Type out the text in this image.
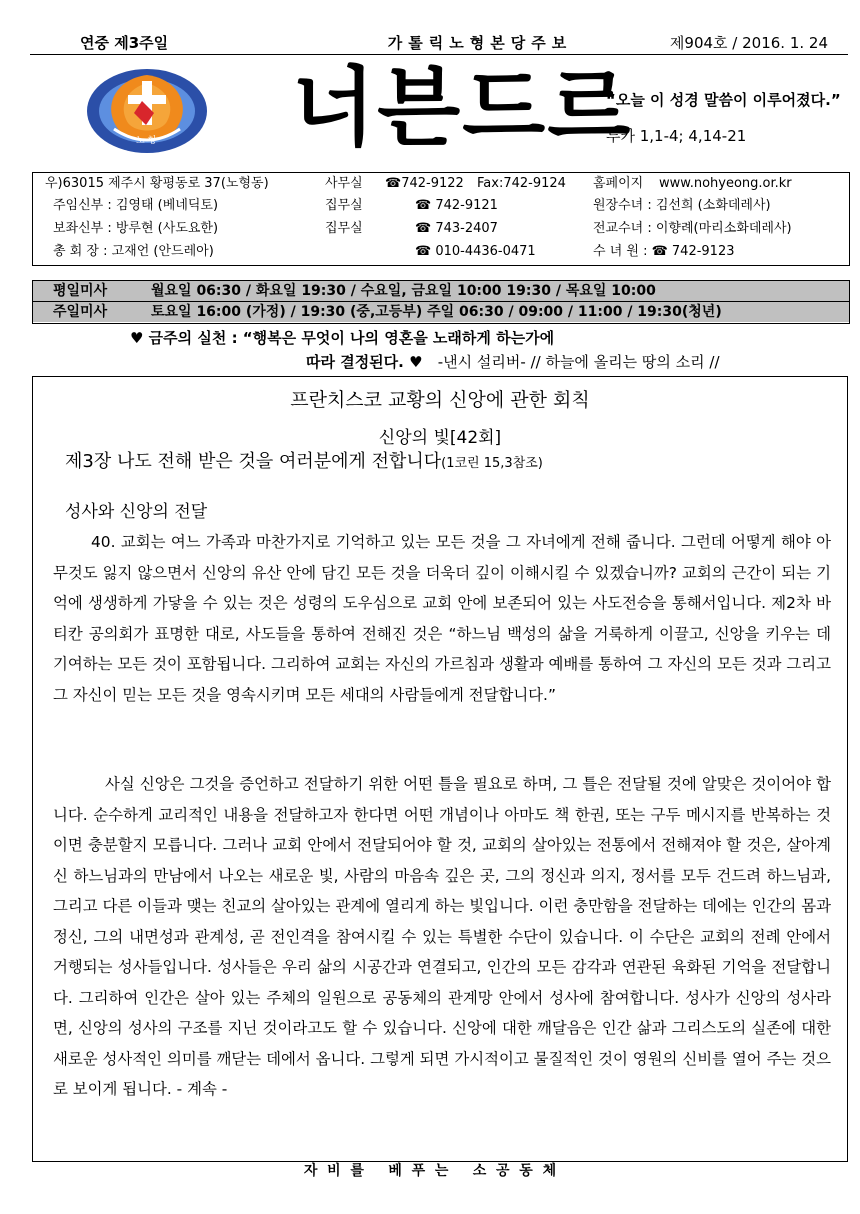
연중 제3주일	가톨릭노형본당주보	제904호 / 2016. 1. 24
노 형 너븐드르
“오늘 이 성경 말씀이 이루어졌다.” 루카 1,1-4; 4,14-21
우)63015 제주시 황평동로 37(노형동)	사무실 ☎742-9122 Fax:742-9124 홈페이지 www.nohyeong.or.kr
주임신부 : 김영태 (베네딕토)	집무실	☎ 742-9121	원장수녀 : 김선희 (소화데레사)
보좌신부 : 방루현 (사도요한)	집무실	☎ 743-2407	전교수녀 : 이향례(마리소화데레사)
총 회 장 : 고재언 (안드레아)	☎ 010-4436-0471	수 녀 원 : ☎ 742-9123
평일미사	월요일 06:30 / 화요일 19:30 / 수요일, 금요일 10:00 19:30 / 목요일 10:00
주일미사	토요일 16:00 (가정) / 19:30 (중,고등부) 주일 06:30 / 09:00 / 11:00 / 19:30(청년)
♥ 금주의 실천 : “행복은 무엇이 나의 영혼을 노래하게 하는가에
따라 결정된다. ♥ -낸시 설리버- // 하늘에 올리는 땅의 소리 //
프란치스코 교황의 신앙에 관한 회칙
신앙의 빛[42회]
제3장 나도 전해 받은 것을 여러분에게 전합니다(1코린 15,3참조)
성사와 신앙의 전달
40. 교회는 여느 가족과 마찬가지로 기억하고 있는 모든 것을 그 자녀에게 전해 줍니다. 그런데 어떻게 해야 아무것도 잃지 않으면서 신앙의 유산 안에 담긴 모든 것을 더욱더 깊이 이해시킬 수 있겠습니까? 교회의 근간이 되는 기억에 생생하게 가닿을 수 있는 것은 성령의 도우심으로 교회 안에 보존되어 있는 사도전승을 통해서입니다. 제2차 바티칸 공의회가 표명한 대로, 사도들을 통하여 전해진 것은 “하느님 백성의 삶을 거룩하게 이끌고, 신앙을 키우는 데 기여하는 모든 것이 포함됩니다. 그리하여 교회는 자신의 가르침과 생활과 예배를 통하여 그 자신의 모든 것과 그리고 그 자신이 믿는 모든 것을 영속시키며 모든 세대의 사람들에게 전달합니다.”
사실 신앙은 그것을 증언하고 전달하기 위한 어떤 틀을 필요로 하며, 그 틀은 전달될 것에 알맞은 것이어야 합니다. 순수하게 교리적인 내용을 전달하고자 한다면 어떤 개념이나 아마도 책 한권, 또는 구두 메시지를 반복하는 것이면 충분할지 모릅니다. 그러나 교회 안에서 전달되어야 할 것, 교회의 살아있는 전통에서 전해져야 할 것은, 살아계신 하느님과의 만남에서 나오는 새로운 빛, 사람의 마음속 깊은 곳, 그의 정신과 의지, 정서를 모두 건드려 하느님과, 그리고 다른 이들과 맺는 친교의 살아있는 관계에 열리게 하는 빛입니다. 이런 충만함을 전달하는 데에는 인간의 몸과 정신, 그의 내면성과 관계성, 곧 전인격을 참여시킬 수 있는 특별한 수단이 있습니다. 이 수단은 교회의 전례 안에서 거행되는 성사들입니다. 성사들은 우리 삶의 시공간과 연결되고, 인간의 모든 감각과 연관된 육화된 기억을 전달합니다. 그리하여 인간은 살아 있는 주체의 일원으로 공동체의 관계망 안에서 성사에 참여합니다. 성사가 신앙의 성사라면, 신앙의 성사의 구조를 지닌 것이라고도 할 수 있습니다. 신앙에 대한 깨달음은 인간 삶과 그리스도의 실존에 대한 새로운 성사적인 의미를 깨닫는 데에서 옵니다. 그렇게 되면 가시적이고 물질적인 것이 영원의 신비를 열어 주는 것으로 보이게 됩니다. - 계속 -
자  비  를     베  푸  는     소  공  동  체
